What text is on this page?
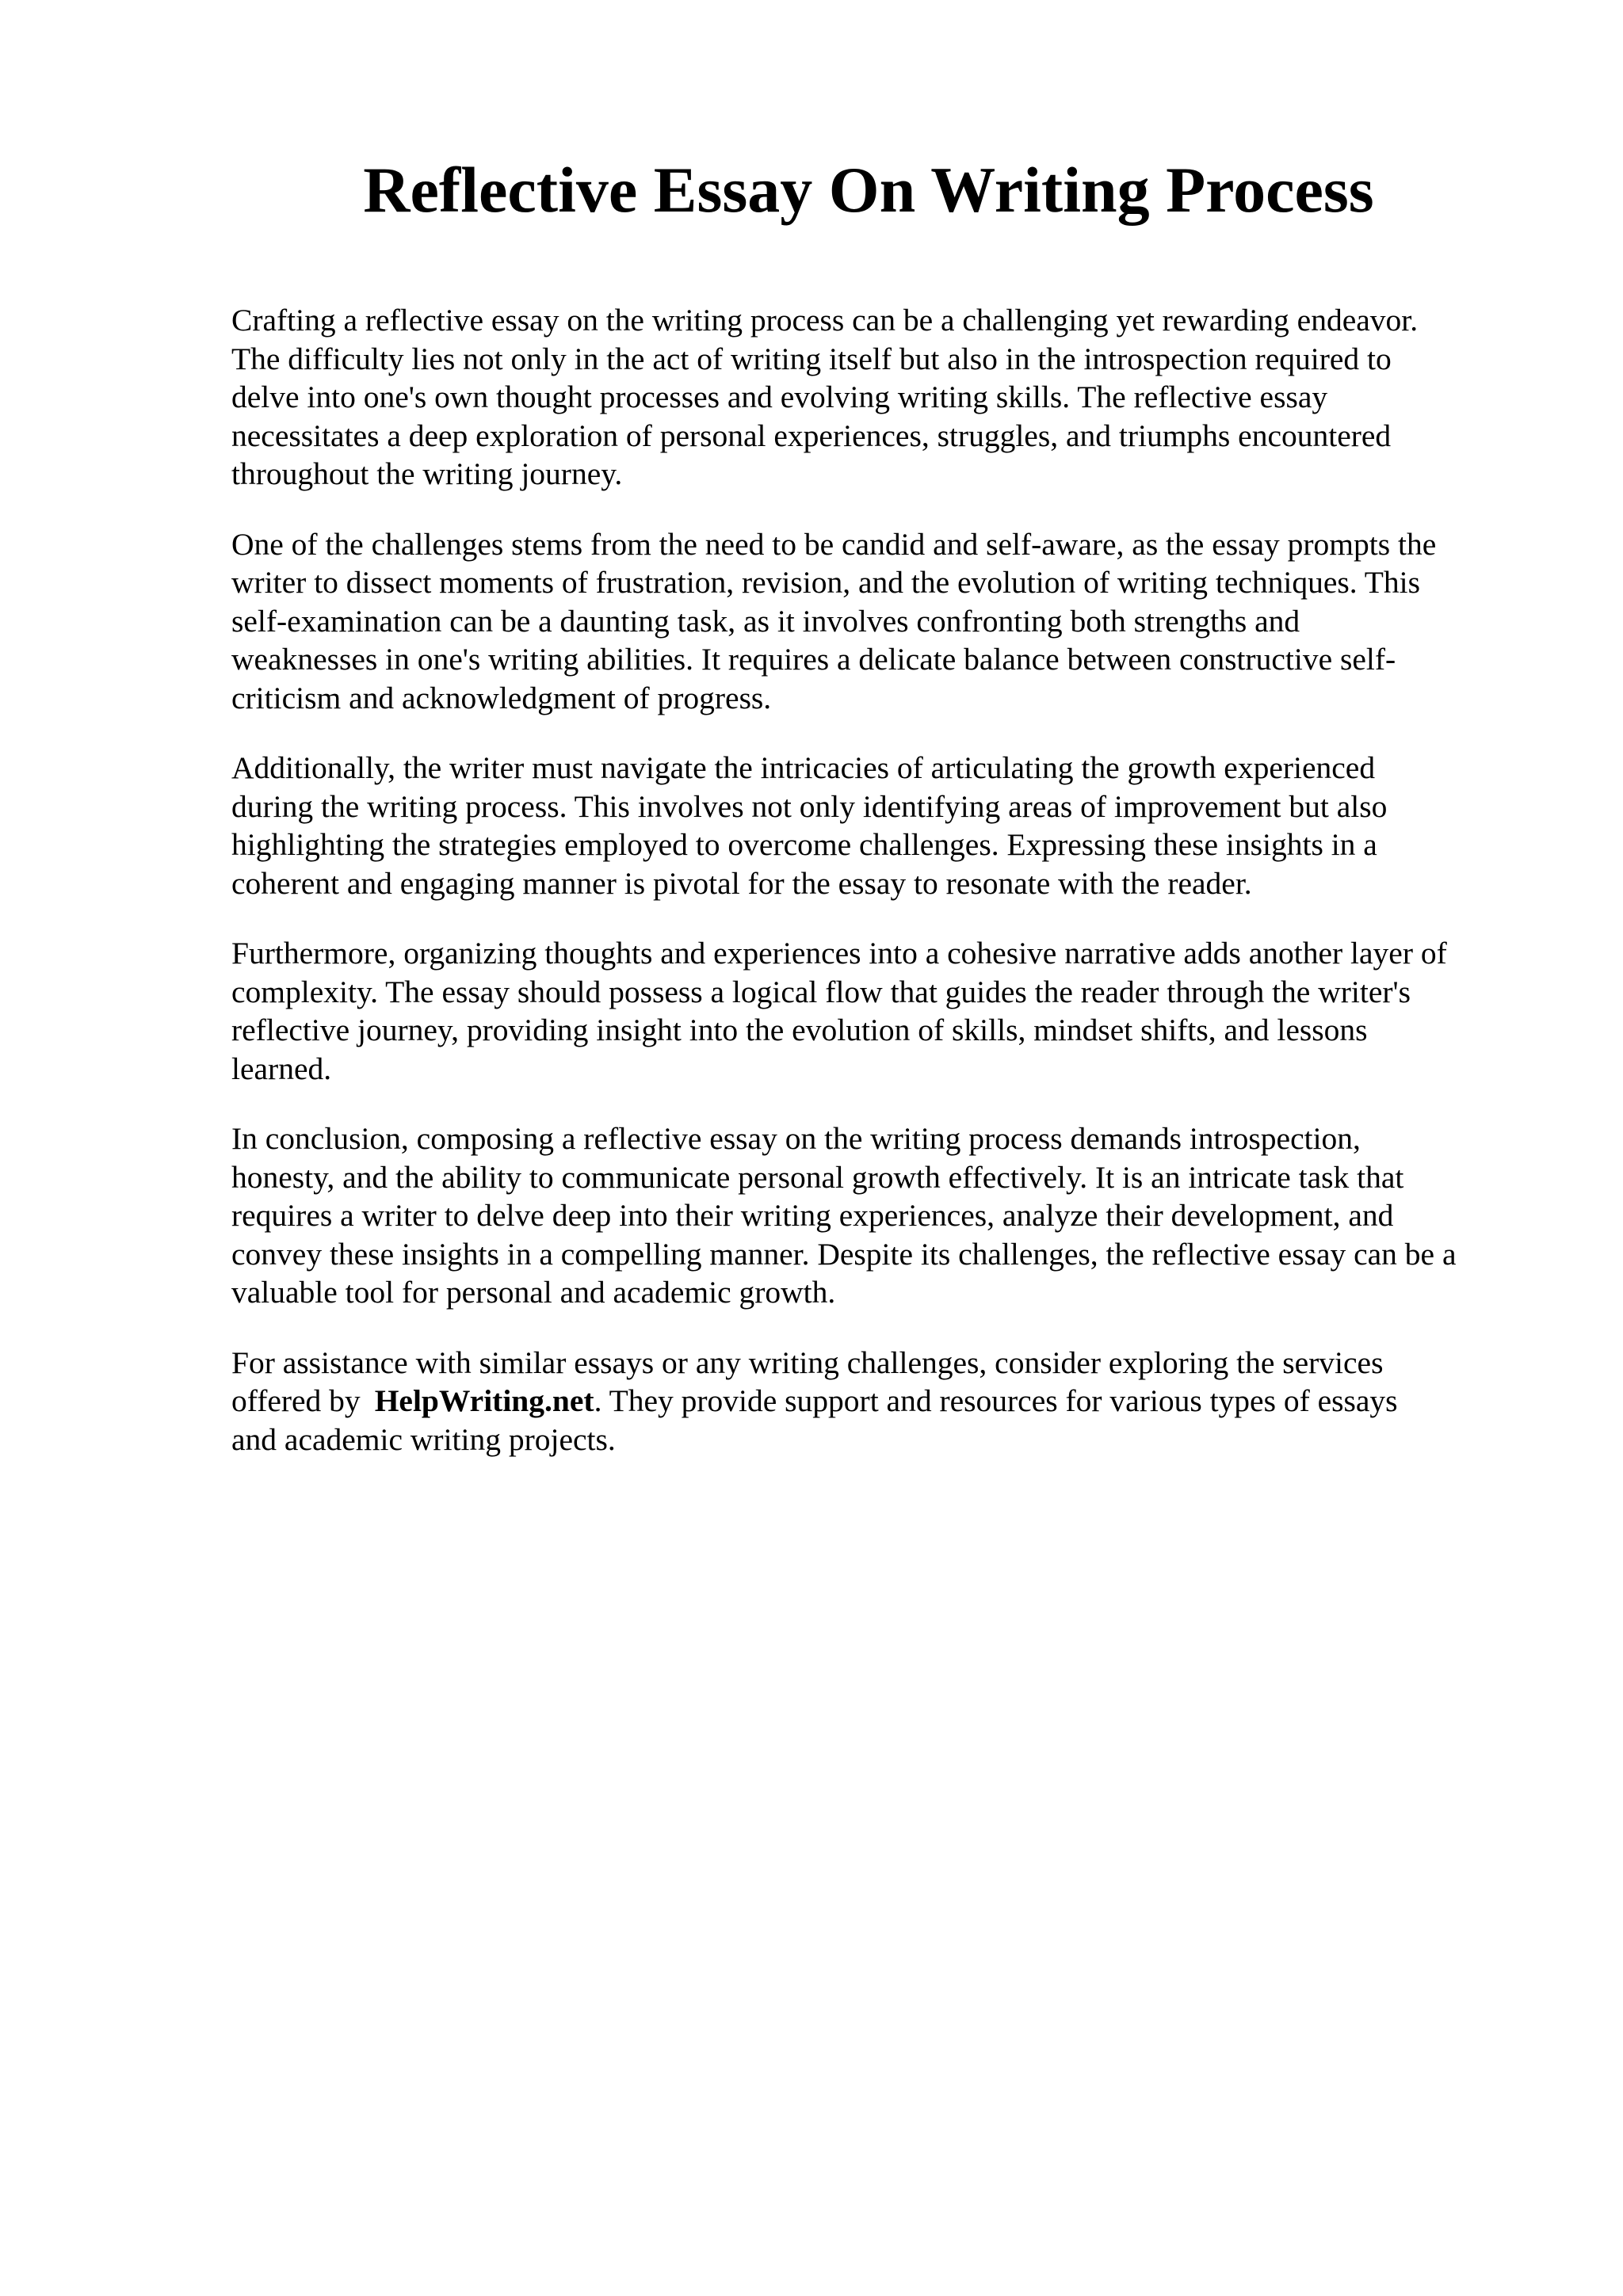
Reflective Essay On Writing Process

Crafting a reflective essay on the writing process can be a challenging yet rewarding endeavor.
The difficulty lies not only in the act of writing itself but also in the introspection required to
delve into one's own thought processes and evolving writing skills. The reflective essay
necessitates a deep exploration of personal experiences, struggles, and triumphs encountered
throughout the writing journey.

One of the challenges stems from the need to be candid and self-aware, as the essay prompts the
writer to dissect moments of frustration, revision, and the evolution of writing techniques. This
self-examination can be a daunting task, as it involves confronting both strengths and
weaknesses in one's writing abilities. It requires a delicate balance between constructive self-
criticism and acknowledgment of progress.

Additionally, the writer must navigate the intricacies of articulating the growth experienced
during the writing process. This involves not only identifying areas of improvement but also
highlighting the strategies employed to overcome challenges. Expressing these insights in a
coherent and engaging manner is pivotal for the essay to resonate with the reader.

Furthermore, organizing thoughts and experiences into a cohesive narrative adds another layer of
complexity. The essay should possess a logical flow that guides the reader through the writer's
reflective journey, providing insight into the evolution of skills, mindset shifts, and lessons
learned.

In conclusion, composing a reflective essay on the writing process demands introspection,
honesty, and the ability to communicate personal growth effectively. It is an intricate task that
requires a writer to delve deep into their writing experiences, analyze their development, and
convey these insights in a compelling manner. Despite its challenges, the reflective essay can be a
valuable tool for personal and academic growth.

For assistance with similar essays or any writing challenges, consider exploring the services
offered by HelpWriting.net. They provide support and resources for various types of essays
and academic writing projects.
